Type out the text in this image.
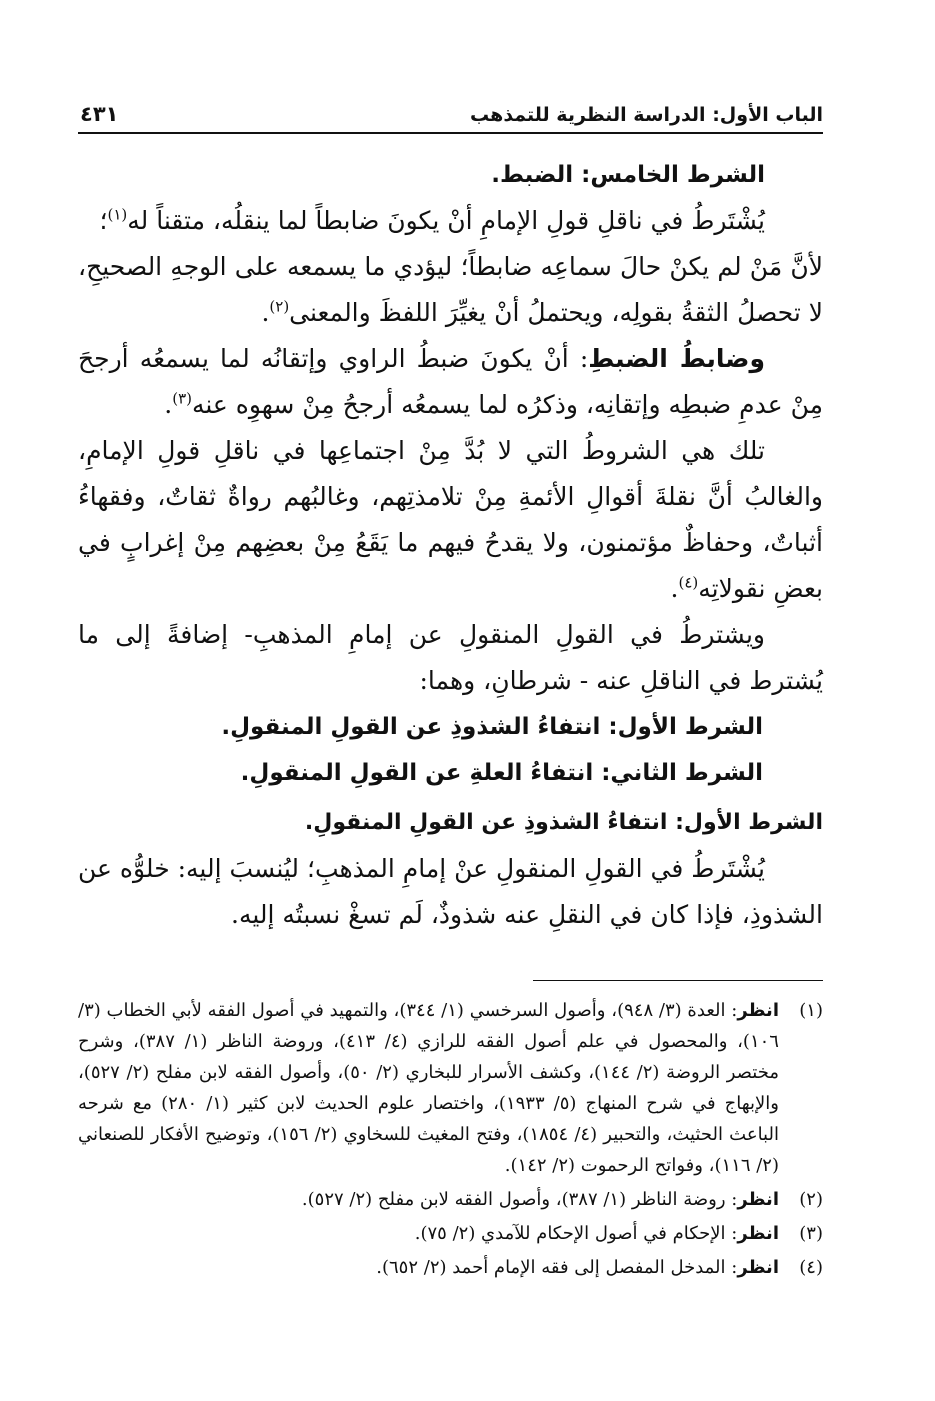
الباب الأول: الدراسة النظرية للتمذهب
٤٣١

الشرط الخامس: الضبط.

يُشْتَرطُ في ناقلِ قولِ الإمامِ أنْ يكونَ ضابطاً لما ينقلُه، متقناً له$^{(١)}$؛

لأنَّ مَنْ لم يكنْ حالَ سماعِه ضابطاً؛ ليؤدي ما يسمعه على الوجهِ الصحيحِ، لا تحصلُ الثقةُ بقولِه، ويحتملُ أنْ يغيِّرَ اللفظَ والمعنى$^{(٢)}$.

وضابطُ الضبطِ: أنْ يكونَ ضبطُ الراوي وإتقانُه لما يسمعُه أرجحَ مِنْ عدمِ ضبطِه وإتقانِه، وذكرُه لما يسمعُه أرجحُ مِنْ سهوِه عنه$^{(٣)}$.

تلك هي الشروطُ التي لا بُدَّ مِنْ اجتماعِها في ناقلِ قولِ الإمامِ، والغالبُ أنَّ نقلةَ أقوالِ الأئمةِ مِنْ تلامذتِهم، وغالبُهم رواةٌ ثقاتٌ، وفقهاءُ أثباتٌ، وحفاظٌ مؤتمنون، ولا يقدحُ فيهم ما يَقَعُ مِنْ بعضِهم مِنْ إغرابٍ في بعضِ نقولاتِه$^{(٤)}$.

ويشترطُ في القولِ المنقولِ عن إمامِ المذهبِ- إضافةً إلى ما يُشترط في الناقلِ عنه - شرطانِ، وهما:

الشرط الأول: انتفاءُ الشذوذِ عن القولِ المنقولِ.

الشرط الثاني: انتفاءُ العلةِ عن القولِ المنقولِ.

الشرط الأول: انتفاءُ الشذوذِ عن القولِ المنقولِ.

يُشْتَرطُ في القولِ المنقولِ عنْ إمامِ المذهبِ؛ ليُنسبَ إليه: خلوُّه عن الشذوذِ، فإذا كان في النقلِ عنه شذوذٌ، لَم تسغْ نسبتُه إليه.

(١)
انظر: العدة (٣/ ٩٤٨)، وأصول السرخسي (١/ ٣٤٤)، والتمهيد في أصول الفقه لأبي الخطاب (٣/ ١٠٦)، والمحصول في علم أصول الفقه للرازي (٤/ ٤١٣)، وروضة الناظر (١/ ٣٨٧)، وشرح مختصر الروضة (٢/ ١٤٤)، وكشف الأسرار للبخاري (٢/ ٥٠)، وأصول الفقه لابن مفلح (٢/ ٥٢٧)، والإبهاج في شرح المنهاج (٥/ ١٩٣٣)، واختصار علوم الحديث لابن كثير (١/ ٢٨٠) مع شرحه الباعث الحثيث، والتحبير (٤/ ١٨٥٤)، وفتح المغيث للسخاوي (٢/ ١٥٦)، وتوضيح الأفكار للصنعاني (٢/ ١١٦)، وفواتح الرحموت (٢/ ١٤٢).

(٢)
انظر: روضة الناظر (١/ ٣٨٧)، وأصول الفقه لابن مفلح (٢/ ٥٢٧).

(٣)
انظر: الإحكام في أصول الإحكام للآمدي (٢/ ٧٥).

(٤)
انظر: المدخل المفصل إلى فقه الإمام أحمد (٢/ ٦٥٢).
